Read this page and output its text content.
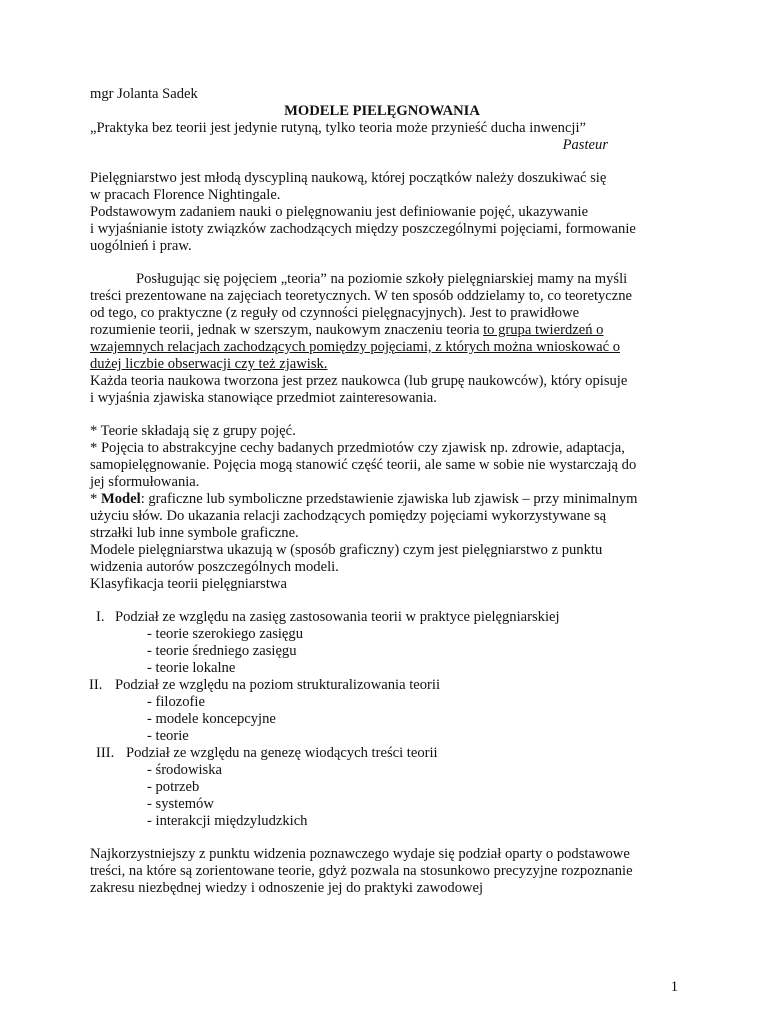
mgr Jolanta Sadek

MODELE PIELĘGNOWANIA

„Praktyka bez teorii jest jedynie rutyną, tylko teoria może przynieść ducha inwencji”

Pasteur

Pielęgniarstwo jest młodą dyscypliną naukową, której początków należy doszukiwać się

w pracach Florence Nightingale.

Podstawowym zadaniem nauki o pielęgnowaniu jest definiowanie pojęć, ukazywanie

i wyjaśnianie istoty związków zachodzących między poszczególnymi pojęciami, formowanie

uogólnień i praw.

Posługując się pojęciem „teoria” na poziomie szkoły pielęgniarskiej mamy na myśli

treści prezentowane na zajęciach teoretycznych. W ten sposób oddzielamy to, co teoretyczne

od tego, co praktyczne (z reguły od czynności pielęgnacyjnych). Jest to prawidłowe

rozumienie teorii, jednak w szerszym, naukowym znaczeniu teoria to grupa twierdzeń o

wzajemnych relacjach zachodzących pomiędzy pojęciami, z których można wnioskować o

dużej liczbie obserwacji czy też zjawisk.

Każda teoria naukowa tworzona jest przez naukowca (lub grupę naukowców), który opisuje

i wyjaśnia zjawiska stanowiące przedmiot zainteresowania.

* Teorie składają się z grupy pojęć.

* Pojęcia to abstrakcyjne cechy badanych przedmiotów czy zjawisk np. zdrowie, adaptacja,

samopielęgnowanie. Pojęcia mogą stanowić część teorii, ale same w sobie nie wystarczają do

jej sformułowania.

* Model: graficzne lub symboliczne przedstawienie zjawiska lub zjawisk – przy minimalnym

użyciu słów. Do ukazania relacji zachodzących pomiędzy pojęciami wykorzystywane są

strzałki lub inne symbole graficzne.

Modele pielęgniarstwa ukazują w (sposób graficzny) czym jest pielęgniarstwo z punktu

widzenia autorów poszczególnych modeli.

Klasyfikacja teorii pielęgniarstwa

I. Podział ze względu na zasięg zastosowania teorii w praktyce pielęgniarskiej

- teorie szerokiego zasięgu

- teorie średniego zasięgu

- teorie lokalne

II. Podział ze względu na poziom strukturalizowania teorii

- filozofie

- modele koncepcyjne

- teorie

III. Podział ze względu na genezę wiodących treści teorii

- środowiska

- potrzeb

- systemów

- interakcji międzyludzkich

Najkorzystniejszy z punktu widzenia poznawczego wydaje się podział oparty o podstawowe

treści, na które są zorientowane teorie, gdyż pozwala na stosunkowo precyzyjne rozpoznanie

zakresu niezbędnej wiedzy i odnoszenie jej do praktyki zawodowej

1
